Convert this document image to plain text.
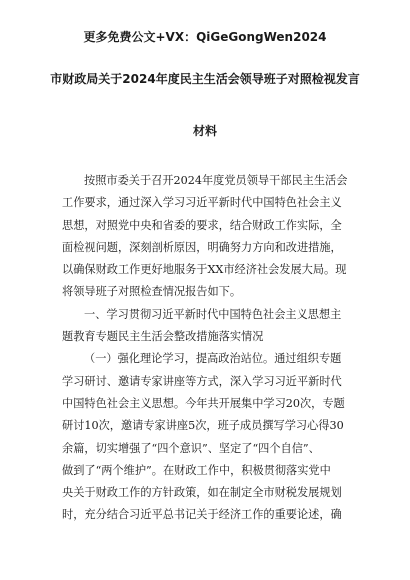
更多免费公文+VX：QiGeGongWen2024
市财政局关于2024年度民主生活会领导班子对照检视发言
材料
按照市委关于召开2024年度党员领导干部民主生活会
工作要求，通过深入学习习近平新时代中国特色社会主义
思想，对照党中央和省委的要求，结合财政工作实际，全
面检视问题，深刻剖析原因，明确努力方向和改进措施，
以确保财政工作更好地服务于XX市经济社会发展大局。现
将领导班子对照检查情况报告如下。
一、学习贯彻习近平新时代中国特色社会主义思想主
题教育专题民主生活会整改措施落实情况
（一）强化理论学习，提高政治站位。通过组织专题
学习研讨、邀请专家讲座等方式，深入学习习近平新时代
中国特色社会主义思想。今年共开展集中学习20次，专题
研讨10次，邀请专家讲座5次，班子成员撰写学习心得30
余篇，切实增强了“四个意识”、坚定了“四个自信”、
做到了“两个维护”。在财政工作中，积极贯彻落实党中
央关于财政工作的方针政策，如在制定全市财税发展规划
时，充分结合习近平总书记关于经济工作的重要论述，确
